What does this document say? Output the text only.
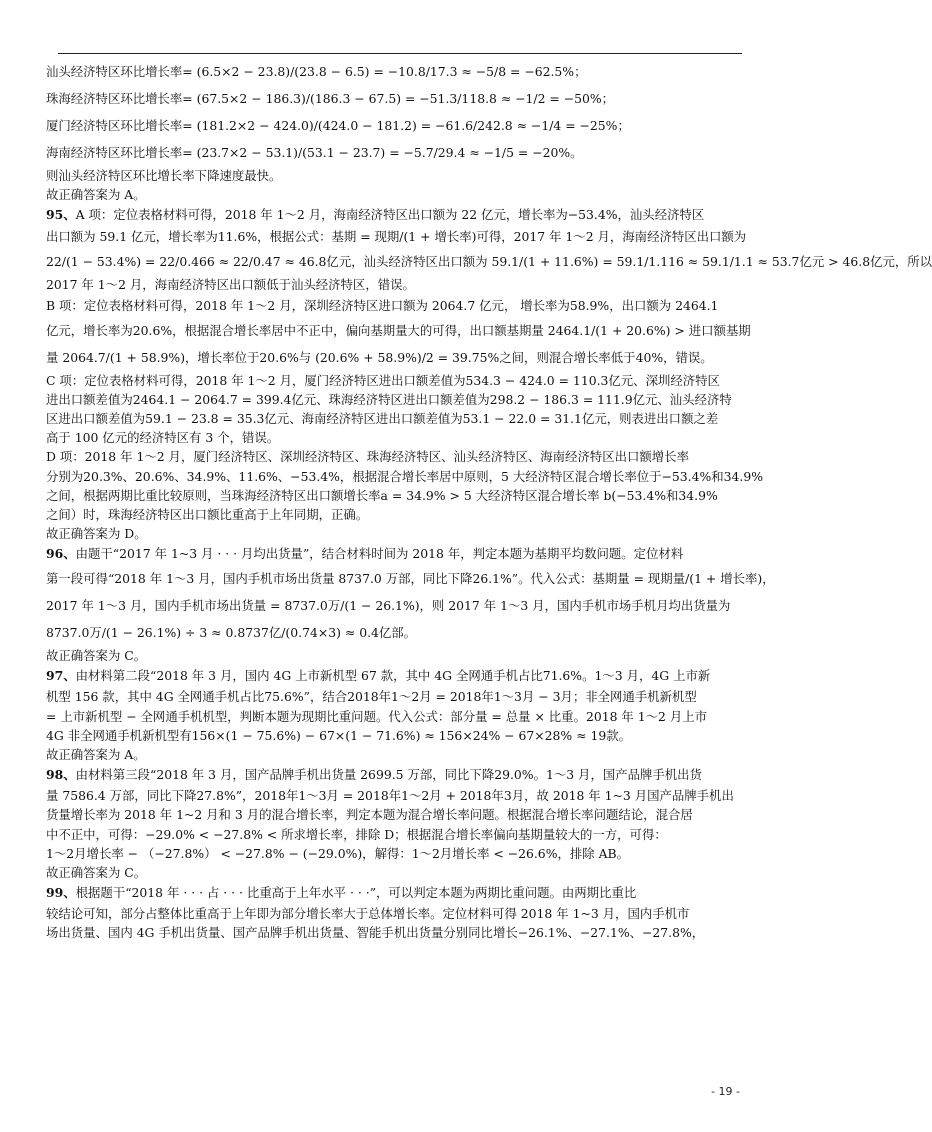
汕头经济特区环比增长率= (6.5×2 − 23.8)/(23.8 − 6.5) = −10.8/17.3 ≈ −5/8 = −62.5%；
珠海经济特区环比增长率= (67.5×2 − 186.3)/(186.3 − 67.5) = −51.3/118.8 ≈ −1/2 = −50%；
厦门经济特区环比增长率= (181.2×2 − 424.0)/(424.0 − 181.2) = −61.6/242.8 ≈ −1/4 = −25%；
海南经济特区环比增长率= (23.7×2 − 53.1)/(53.1 − 23.7) = −5.7/29.4 ≈ −1/5 = −20%。
则汕头经济特区环比增长率下降速度最快。
故正确答案为 A。
95、A 项：定位表格材料可得，2018 年 1～2 月，海南经济特区出口额为 22 亿元，增长率为−53.4%，汕头经济特区
出口额为 59.1 亿元，增长率为11.6%，根据公式：基期 = 现期/(1 + 增长率)可得，2017 年 1～2 月，海南经济特区出口额为
22/(1 − 53.4%) = 22/0.466 ≈ 22/0.47 ≈ 46.8亿元，汕头经济特区出口额为 59.1/(1 + 11.6%) = 59.1/1.116 ≈ 59.1/1.1 ≈ 53.7亿元 > 46.8亿元，所以
2017 年 1～2 月，海南经济特区出口额低于汕头经济特区，错误。
B 项：定位表格材料可得，2018 年 1～2 月，深圳经济特区进口额为 2064.7 亿元， 增长率为58.9%，出口额为 2464.1
亿元，增长率为20.6%，根据混合增长率居中不正中，偏向基期量大的可得，出口额基期量 2464.1/(1 + 20.6%) > 进口额基期
量 2064.7/(1 + 58.9%)，增长率位于20.6%与 (20.6% + 58.9%)/2 = 39.75%之间，则混合增长率低于40%，错误。
C 项：定位表格材料可得，2018 年 1～2 月，厦门经济特区进出口额差值为534.3 − 424.0 = 110.3亿元、深圳经济特区
进出口额差值为2464.1 − 2064.7 = 399.4亿元、珠海经济特区进出口额差值为298.2 − 186.3 = 111.9亿元、汕头经济特
区进出口额差值为59.1 − 23.8 = 35.3亿元、海南经济特区进出口额差值为53.1 − 22.0 = 31.1亿元，则表进出口额之差
高于 100 亿元的经济特区有 3 个，错误。
D 项：2018 年 1～2 月，厦门经济特区、深圳经济特区、珠海经济特区、汕头经济特区、海南经济特区出口额增长率
分别为20.3%、20.6%、34.9%、11.6%、−53.4%，根据混合增长率居中原则，5 大经济特区混合增长率位于−53.4%和34.9%
之间，根据两期比重比较原则，当珠海经济特区出口额增长率a = 34.9% > 5 大经济特区混合增长率 b(−53.4%和34.9%
之间）时，珠海经济特区出口额比重高于上年同期，正确。
故正确答案为 D。
96、由题干“2017 年 1~3 月 · · · 月均出货量”，结合材料时间为 2018 年，判定本题为基期平均数问题。定位材料
第一段可得“2018 年 1～3 月，国内手机市场出货量 8737.0 万部，同比下降26.1%”。代入公式：基期量 = 现期量/(1 + 增长率)，
2017 年 1～3 月，国内手机市场出货量 = 8737.0万/(1 − 26.1%)，则 2017 年 1～3 月，国内手机市场手机月均出货量为
8737.0万/(1 − 26.1%) ÷ 3 ≈ 0.8737亿/(0.74×3) ≈ 0.4亿部。
故正确答案为 C。
97、由材料第二段“2018 年 3 月，国内 4G 上市新机型 67 款，其中 4G 全网通手机占比71.6%。1～3 月，4G 上市新
机型 156 款，其中 4G 全网通手机占比75.6%”，结合2018年1～2月 = 2018年1～3月 − 3月；非全网通手机新机型
= 上市新机型 − 全网通手机机型，判断本题为现期比重问题。代入公式：部分量 = 总量 × 比重。2018 年 1～2 月上市
4G 非全网通手机新机型有156×(1 − 75.6%) − 67×(1 − 71.6%) ≈ 156×24% − 67×28% ≈ 19款。
故正确答案为 A。
98、由材料第三段“2018 年 3 月，国产品牌手机出货量 2699.5 万部，同比下降29.0%。1～3 月，国产品牌手机出货
量 7586.4 万部，同比下降27.8%”，2018年1～3月 = 2018年1～2月 + 2018年3月，故 2018 年 1~3 月国产品牌手机出
货量增长率为 2018 年 1~2 月和 3 月的混合增长率，判定本题为混合增长率问题。根据混合增长率问题结论，混合居
中不正中，可得：−29.0% < −27.8% < 所求增长率，排除 D；根据混合增长率偏向基期量较大的一方，可得：
1～2月增长率 − （−27.8%） < −27.8% − (−29.0%)，解得：1～2月增长率 < −26.6%，排除 AB。
故正确答案为 C。
99、根据题干“2018 年 · · · 占 · · · 比重高于上年水平 · · ·”，可以判定本题为两期比重问题。由两期比重比
较结论可知，部分占整体比重高于上年即为部分增长率大于总体增长率。定位材料可得 2018 年 1~3 月，国内手机市
场出货量、国内 4G 手机出货量、国产品牌手机出货量、智能手机出货量分别同比增长−26.1%、−27.1%、−27.8%，
- 19 -
